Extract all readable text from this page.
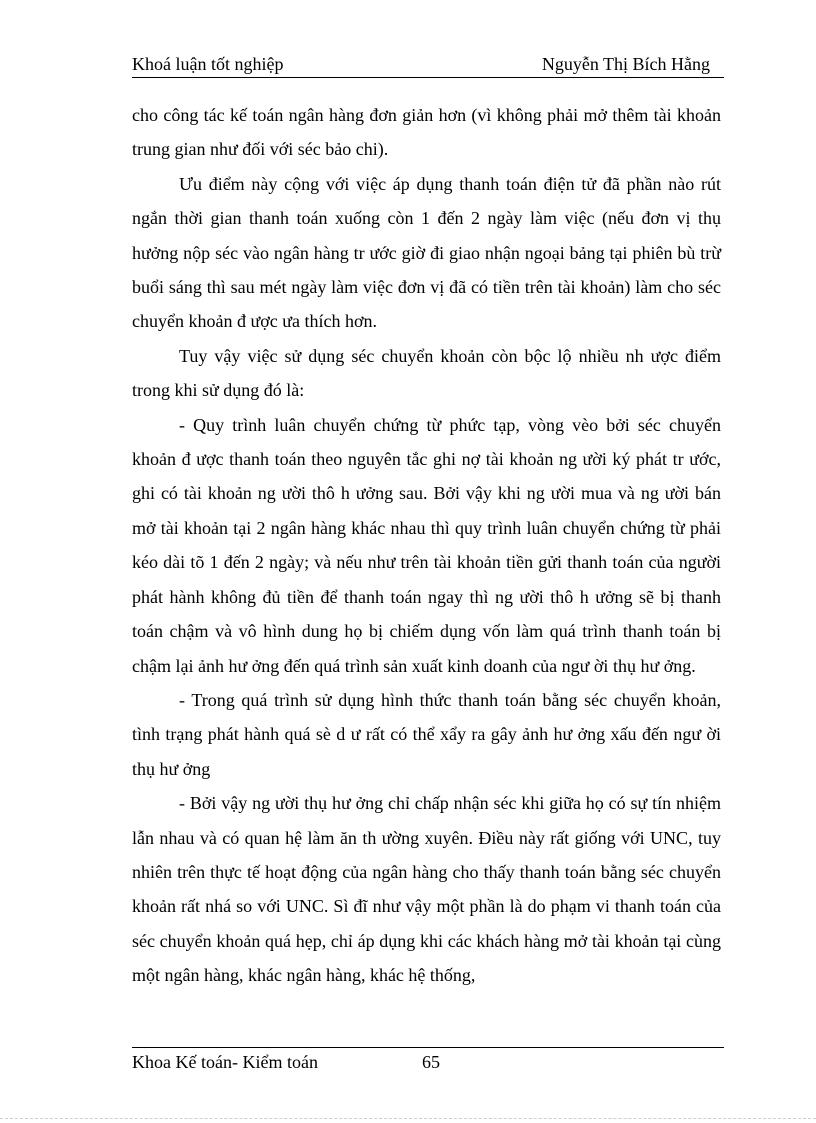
Khoá luận tốt nghiệp	Nguyễn Thị Bích Hằng

cho công tác kế toán ngân hàng đơn giản hơn (vì không phải mở thêm tài khoản trung gian như đối với séc bảo chi).

Ưu điểm này cộng với việc áp dụng thanh toán điện tử đã phần nào rút ngắn thời gian thanh toán xuống còn 1 đến 2 ngày làm việc (nếu đơn vị thụ hưởng nộp séc vào ngân hàng tr ước giờ đi giao nhận ngoại bảng tại phiên bù trừ buổi sáng thì sau mét ngày làm việc đơn vị đã có tiền trên tài khoản) làm cho séc chuyển khoản đ ược ưa thích hơn.

Tuy vậy việc sử dụng séc chuyển khoản còn bộc lộ nhiều nh ược điểm trong khi sử dụng đó là:

- Quy trình luân chuyển chứng từ phức tạp, vòng vèo bởi séc chuyển khoản đ ược thanh toán theo nguyên tắc ghi nợ tài khoản ng ười ký phát tr ước, ghi có tài khoản ng ười thô h ưởng sau. Bởi vậy khi ng ười mua và ng ười bán mở tài khoản tại 2 ngân hàng khác nhau thì quy trình luân chuyển chứng từ phải kéo dài tõ 1 đến 2 ngày; và nếu như trên tài khoản tiền gửi thanh toán của người phát hành không đủ tiền để thanh toán ngay thì ng ười thô h ưởng sẽ bị thanh toán chậm và vô hình dung họ bị chiếm dụng vốn làm quá trình thanh toán bị chậm lại ảnh hư ởng đến quá trình sản xuất kinh doanh của ngư ời thụ hư ởng.

- Trong quá trình sử dụng hình thức thanh toán bằng séc chuyển khoản, tình trạng phát hành quá sè d ư rất có thể xẩy ra gây ảnh hư ởng xấu đến ngư ời thụ hư ởng

- Bởi vậy ng ười thụ hư ởng chỉ chấp nhận séc khi giữa họ có sự tín nhiệm lẫn nhau và có quan hệ làm ăn th ường xuyên. Điều này rất giống với UNC, tuy nhiên trên thực tế hoạt động của ngân hàng cho thấy thanh toán bằng séc chuyển khoản rất nhá so với UNC. Sì đĩ như vậy một phần là do phạm vi thanh toán của séc chuyển khoản quá hẹp, chỉ áp dụng khi các khách hàng mở tài khoản tại cùng một ngân hàng, khác ngân hàng, khác hệ thống,

Khoa Kế toán- Kiểm toán	65
